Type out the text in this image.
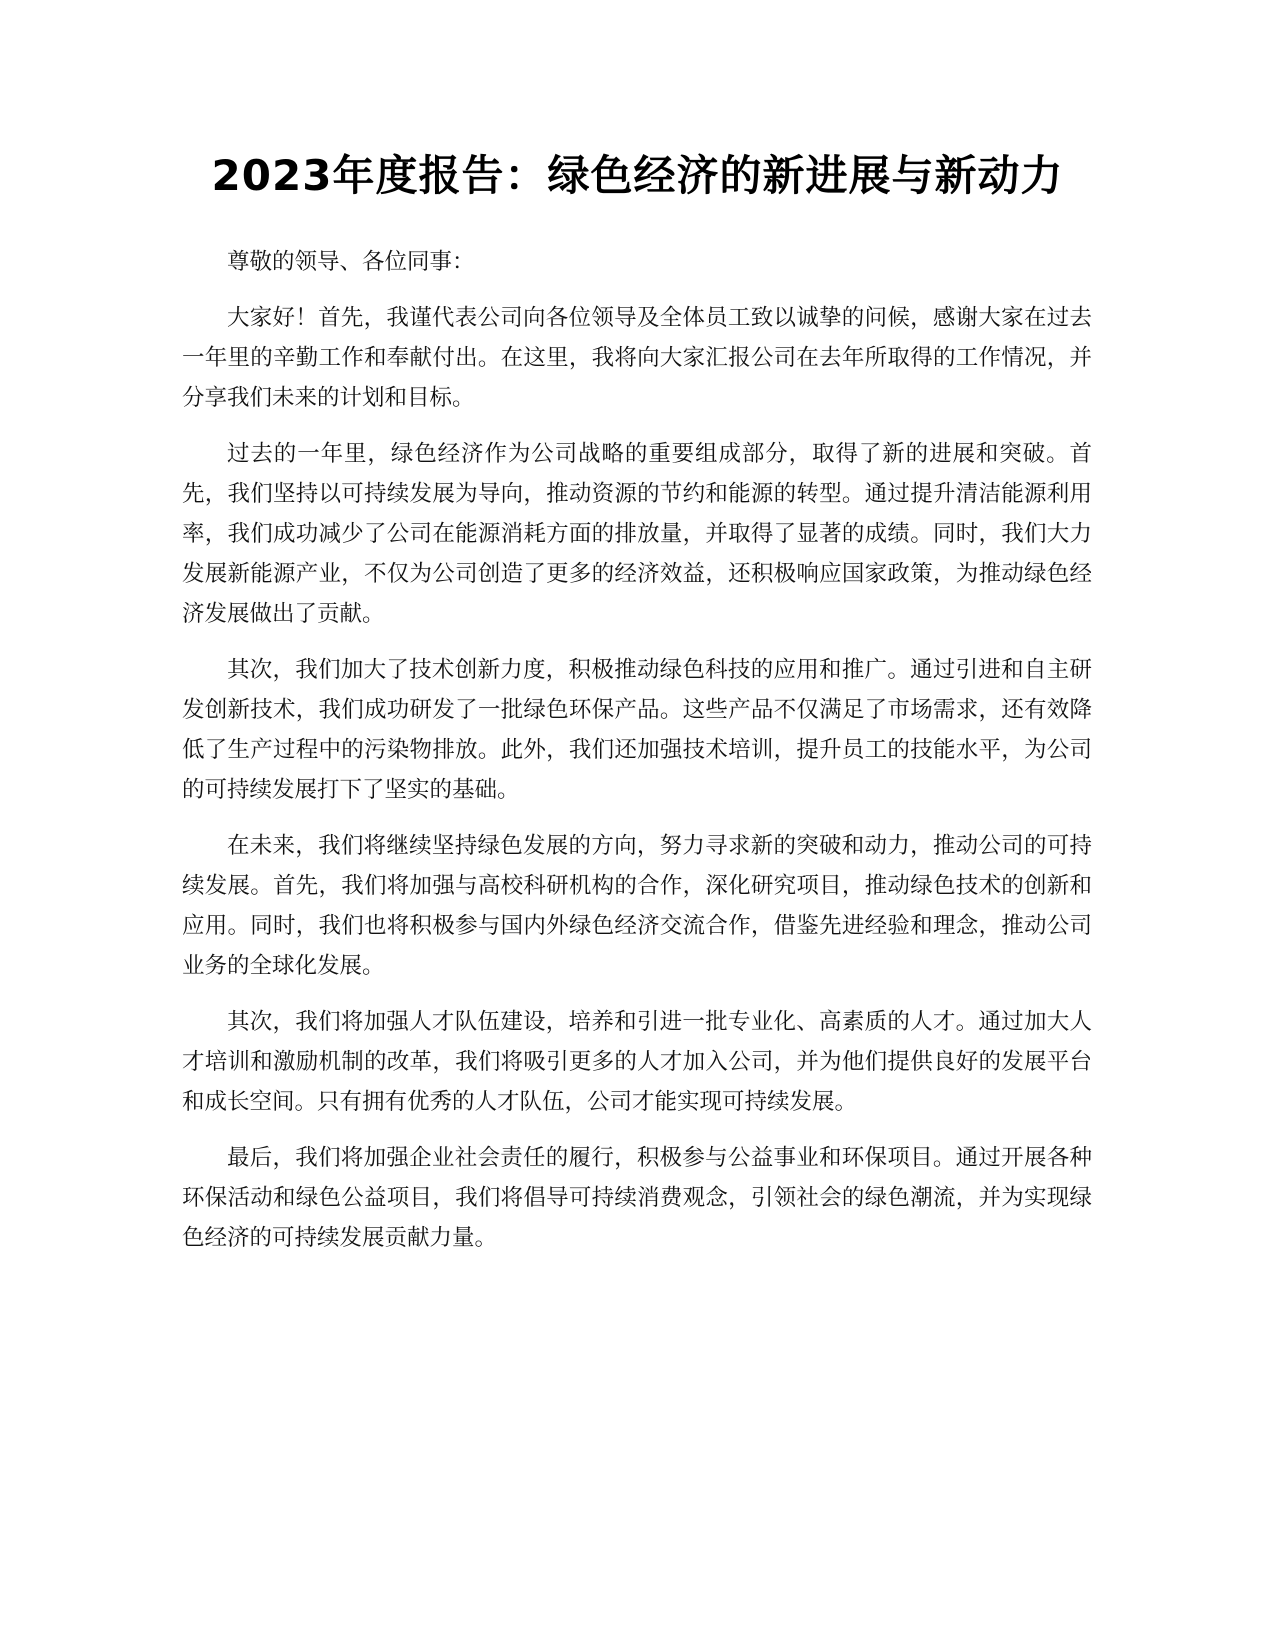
2023年度报告：绿色经济的新进展与新动力

尊敬的领导、各位同事：

大家好！首先，我谨代表公司向各位领导及全体员工致以诚挚的问候，感谢大家在过去一年里的辛勤工作和奉献付出。在这里，我将向大家汇报公司在去年所取得的工作情况，并分享我们未来的计划和目标。

过去的一年里，绿色经济作为公司战略的重要组成部分，取得了新的进展和突破。首先，我们坚持以可持续发展为导向，推动资源的节约和能源的转型。通过提升清洁能源利用率，我们成功减少了公司在能源消耗方面的排放量，并取得了显著的成绩。同时，我们大力发展新能源产业，不仅为公司创造了更多的经济效益，还积极响应国家政策，为推动绿色经济发展做出了贡献。

其次，我们加大了技术创新力度，积极推动绿色科技的应用和推广。通过引进和自主研发创新技术，我们成功研发了一批绿色环保产品。这些产品不仅满足了市场需求，还有效降低了生产过程中的污染物排放。此外，我们还加强技术培训，提升员工的技能水平，为公司的可持续发展打下了坚实的基础。

在未来，我们将继续坚持绿色发展的方向，努力寻求新的突破和动力，推动公司的可持续发展。首先，我们将加强与高校科研机构的合作，深化研究项目，推动绿色技术的创新和应用。同时，我们也将积极参与国内外绿色经济交流合作，借鉴先进经验和理念，推动公司业务的全球化发展。

其次，我们将加强人才队伍建设，培养和引进一批专业化、高素质的人才。通过加大人才培训和激励机制的改革，我们将吸引更多的人才加入公司，并为他们提供良好的发展平台和成长空间。只有拥有优秀的人才队伍，公司才能实现可持续发展。

最后，我们将加强企业社会责任的履行，积极参与公益事业和环保项目。通过开展各种环保活动和绿色公益项目，我们将倡导可持续消费观念，引领社会的绿色潮流，并为实现绿色经济的可持续发展贡献力量。
